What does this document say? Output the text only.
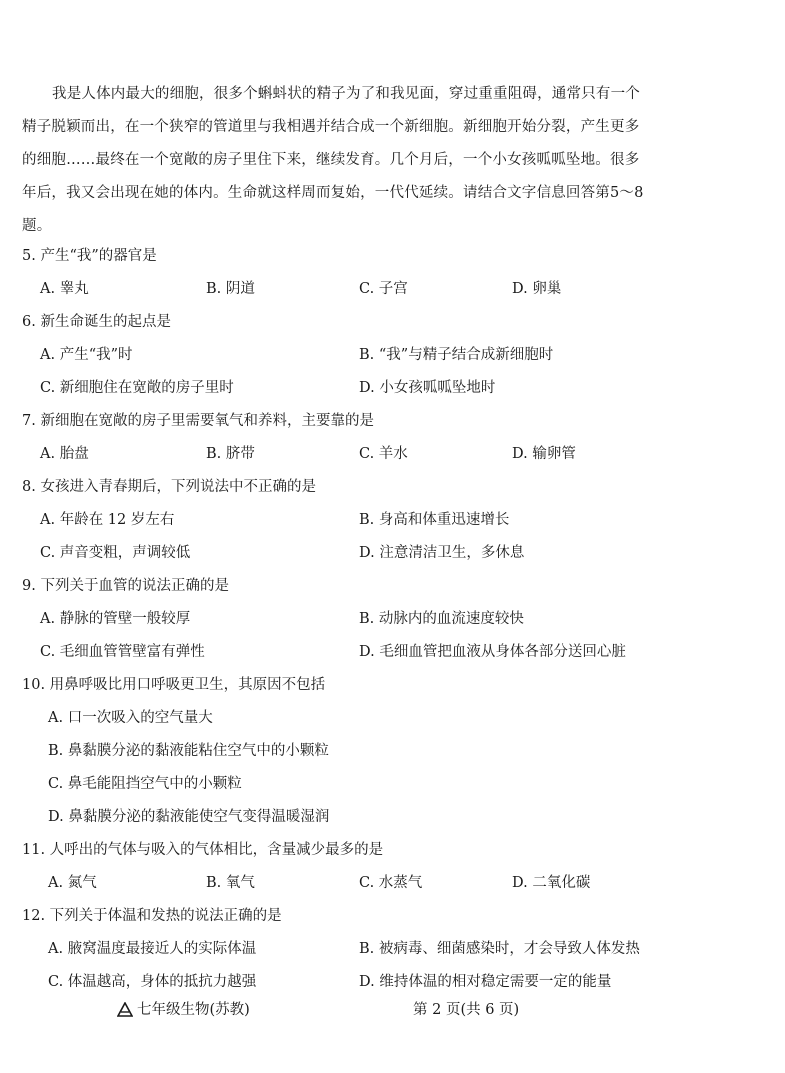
我是人体内最大的细胞，很多个蝌蚪状的精子为了和我见面，穿过重重阻碍，通常只有一个精子脱颖而出，在一个狭窄的管道里与我相遇并结合成一个新细胞。新细胞开始分裂，产生更多的细胞……最终在一个宽敞的房子里住下来，继续发育。几个月后，一个小女孩呱呱坠地。很多年后，我又会出现在她的体内。生命就这样周而复始，一代代延续。请结合文字信息回答第5～8题。
5. 产生“我”的器官是
A. 睾丸	B. 阴道	C. 子宫	D. 卵巢
6. 新生命诞生的起点是
A. 产生“我”时	B. “我”与精子结合成新细胞时
C. 新细胞住在宽敞的房子里时	D. 小女孩呱呱坠地时
7. 新细胞在宽敞的房子里需要氧气和养料，主要靠的是
A. 胎盘	B. 脐带	C. 羊水	D. 输卵管
8. 女孩进入青春期后，下列说法中不正确的是
A. 年龄在 12 岁左右	B. 身高和体重迅速增长
C. 声音变粗，声调较低	D. 注意清洁卫生，多休息
9. 下列关于血管的说法正确的是
A. 静脉的管壁一般较厚	B. 动脉内的血流速度较快
C. 毛细血管管壁富有弹性	D. 毛细血管把血液从身体各部分送回心脏
10. 用鼻呼吸比用口呼吸更卫生，其原因不包括
A. 口一次吸入的空气量大
B. 鼻黏膜分泌的黏液能粘住空气中的小颗粒
C. 鼻毛能阻挡空气中的小颗粒
D. 鼻黏膜分泌的黏液能使空气变得温暖湿润
11. 人呼出的气体与吸入的气体相比，含量减少最多的是
A. 氮气	B. 氧气	C. 水蒸气	D. 二氧化碳
12. 下列关于体温和发热的说法正确的是
A. 腋窝温度最接近人的实际体温	B. 被病毒、细菌感染时，才会导致人体发热
C. 体温越高，身体的抵抗力越强	D. 维持体温的相对稳定需要一定的能量
七年级生物(苏教)	第 2 页(共 6 页)
